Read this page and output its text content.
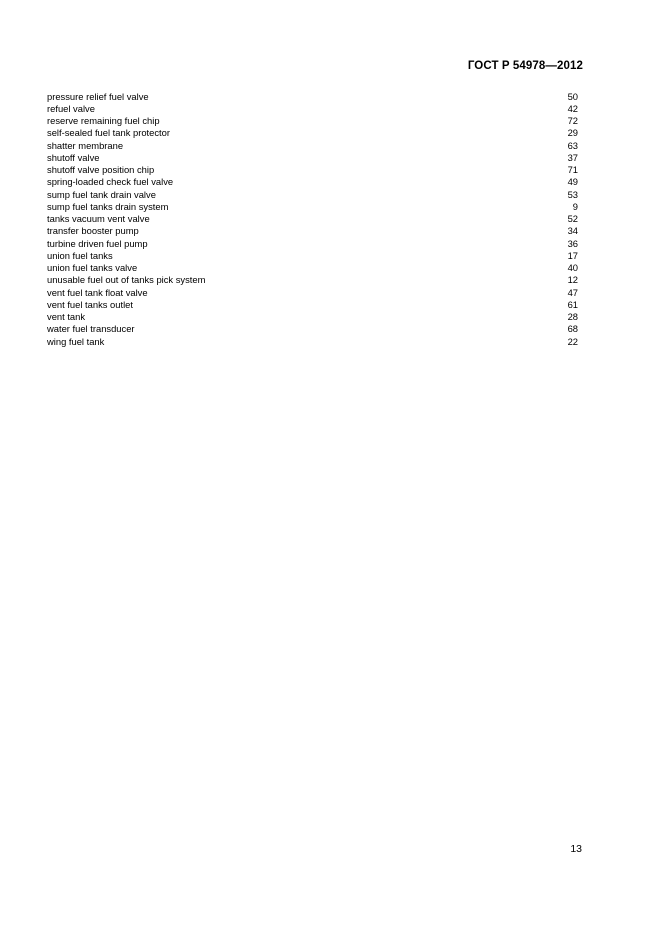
ГОСТ Р 54978—2012
pressure relief fuel valve	50
refuel valve	42
reserve remaining fuel chip	72
self-sealed fuel tank protector	29
shatter membrane	63
shutoff valve	37
shutoff valve position chip	71
spring-loaded check fuel valve	49
sump fuel tank drain valve	53
sump fuel tanks drain system	9
tanks vacuum vent valve	52
transfer booster pump	34
turbine driven fuel pump	36
union fuel tanks	17
union fuel tanks valve	40
unusable fuel out of tanks pick system	12
vent fuel tank float valve	47
vent fuel tanks outlet	61
vent tank	28
water fuel transducer	68
wing fuel tank	22
13
